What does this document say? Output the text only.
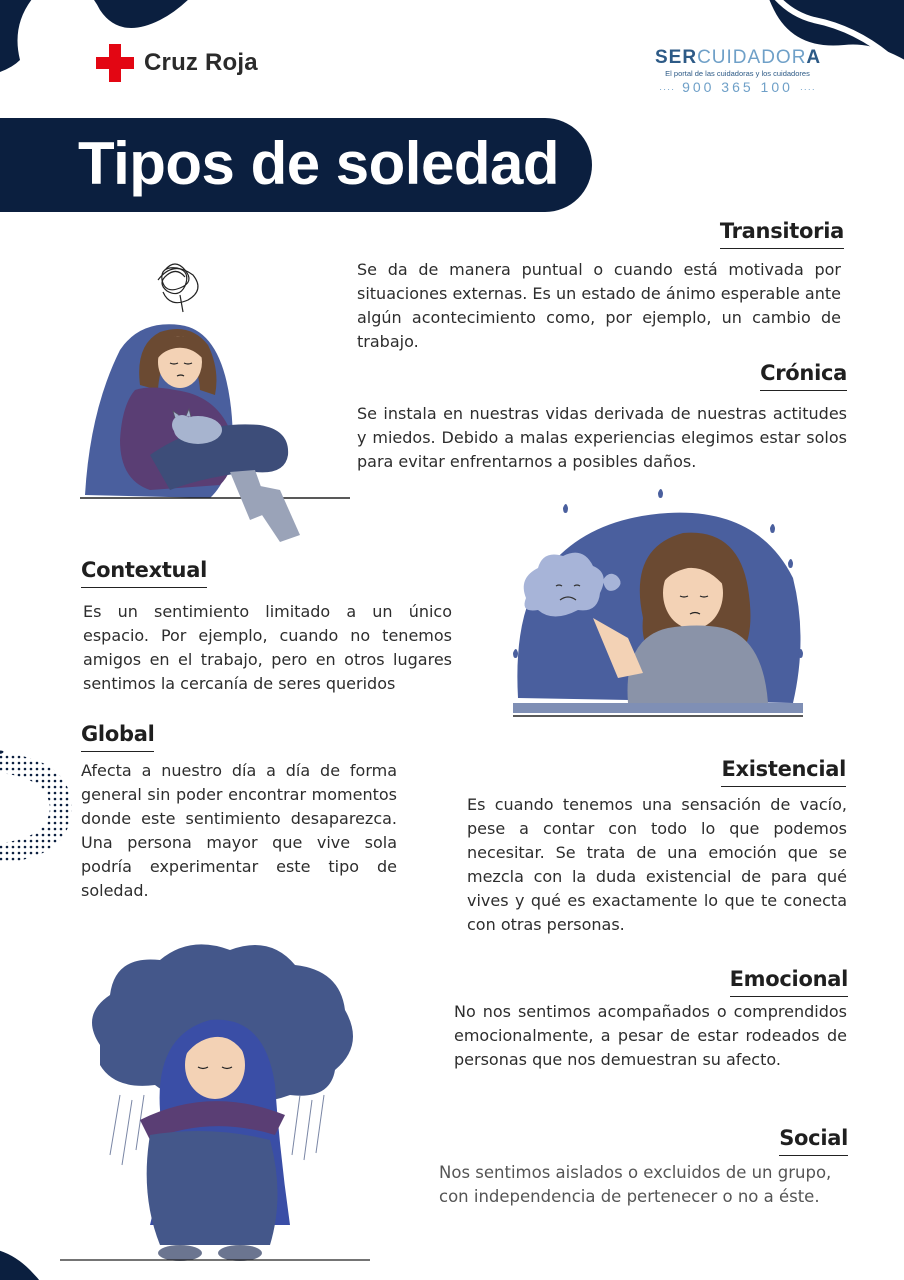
Cruz Roja	SERCUIDADORA
El portal de las cuidadoras y los cuidadores
···· 900 365 100 ····
Tipos de soledad
Transitoria

Se da de manera puntual o cuando está motivada por situaciones externas. Es un estado de ánimo esperable ante algún acontecimiento como, por ejemplo, un cambio de trabajo.

Crónica

Se instala en nuestras vidas derivada de nuestras actitudes y miedos. Debido a malas experiencias elegimos estar solos para evitar enfrentarnos a posibles daños.

Contextual

Es un sentimiento limitado a un único espacio. Por ejemplo, cuando no tenemos amigos en el trabajo, pero en otros lugares sentimos la cercanía de seres queridos

Global

Afecta a nuestro día a día de forma general sin poder encontrar momentos donde este sentimiento desaparezca. Una persona mayor que vive sola podría experimentar este tipo de soledad.

Existencial

Es cuando tenemos una sensación de vacío, pese a contar con todo lo que podemos necesitar. Se trata de una emoción que se mezcla con la duda existencial de para qué vives y qué es exactamente lo que te conecta con otras personas.

Emocional

No nos sentimos acompañados o comprendidos emocionalmente, a pesar de estar rodeados de personas que nos demuestran su afecto.

Social

Nos sentimos aislados o excluidos de un grupo, con independencia de pertenecer o no a éste.
